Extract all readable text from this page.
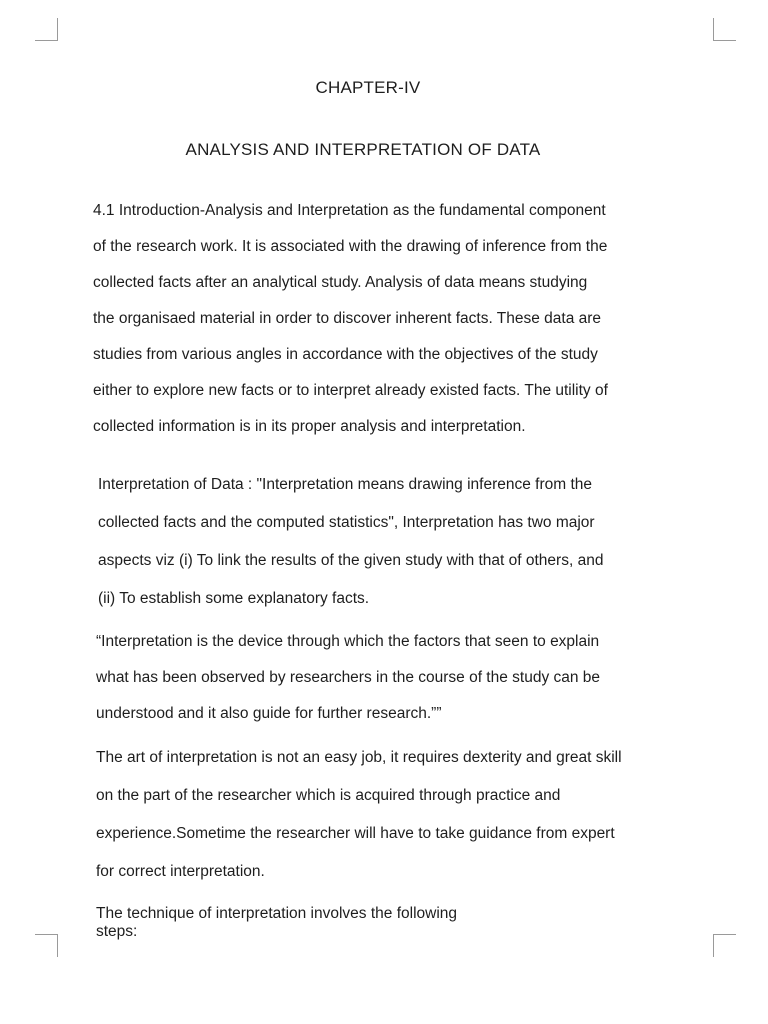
CHAPTER-IV
ANALYSIS AND INTERPRETATION OF DATA
4.1 Introduction-Analysis and Interpretation as the fundamental component
of the research work. It is associated with the drawing of inference from the
collected facts after an analytical study. Analysis of data means studying
the organisaed material in order to discover inherent facts. These data are
studies from various angles in accordance with the objectives of the study
either to explore new facts or to interpret already existed facts. The utility of
collected information is in its proper analysis and interpretation.
Interpretation of Data : "Interpretation means drawing inference from the
collected facts and the computed statistics", Interpretation has two major
aspects viz (i) To link the results of the given study with that of others, and
(ii) To establish some explanatory facts.
“Interpretation is the device through which the factors that seen to explain
what has been observed by researchers in the course of the study can be
understood and it also guide for further research.””
The art of interpretation is not an easy job, it requires dexterity and great skill
on the part of the researcher which is acquired through practice and
experience.Sometime the researcher will have to take guidance from expert
for correct interpretation.
The technique of interpretation involves the following
steps:
